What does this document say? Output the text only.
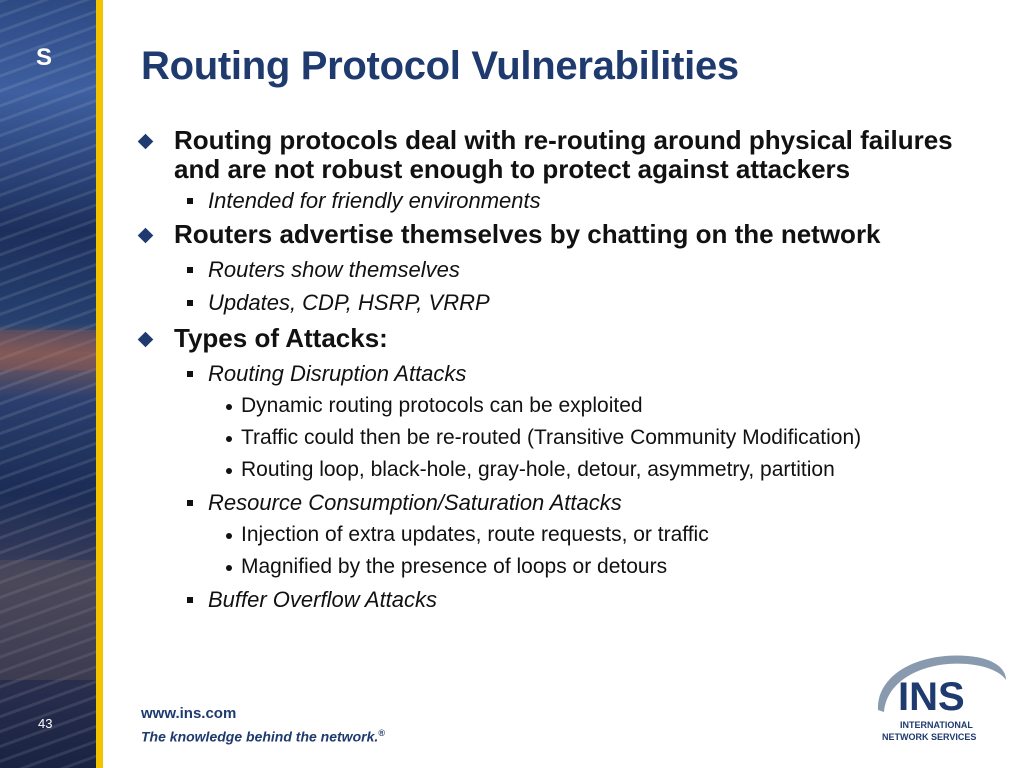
S
43
Routing Protocol Vulnerabilities
Routing protocols deal with re-routing around physical failures and are not robust enough to protect against attackers
Intended for friendly environments
Routers advertise themselves by chatting on the network
Routers show themselves
Updates, CDP, HSRP, VRRP
Types of Attacks:
Routing Disruption Attacks
Dynamic routing protocols can be exploited
Traffic could then be re-routed (Transitive Community Modification)
Routing loop, black-hole, gray-hole, detour, asymmetry, partition
Resource Consumption/Saturation Attacks
Injection of extra updates, route requests, or traffic
Magnified by the presence of loops or detours
Buffer Overflow Attacks
www.ins.com
The knowledge behind the network.®
INS
INTERNATIONAL
NETWORK SERVICES
